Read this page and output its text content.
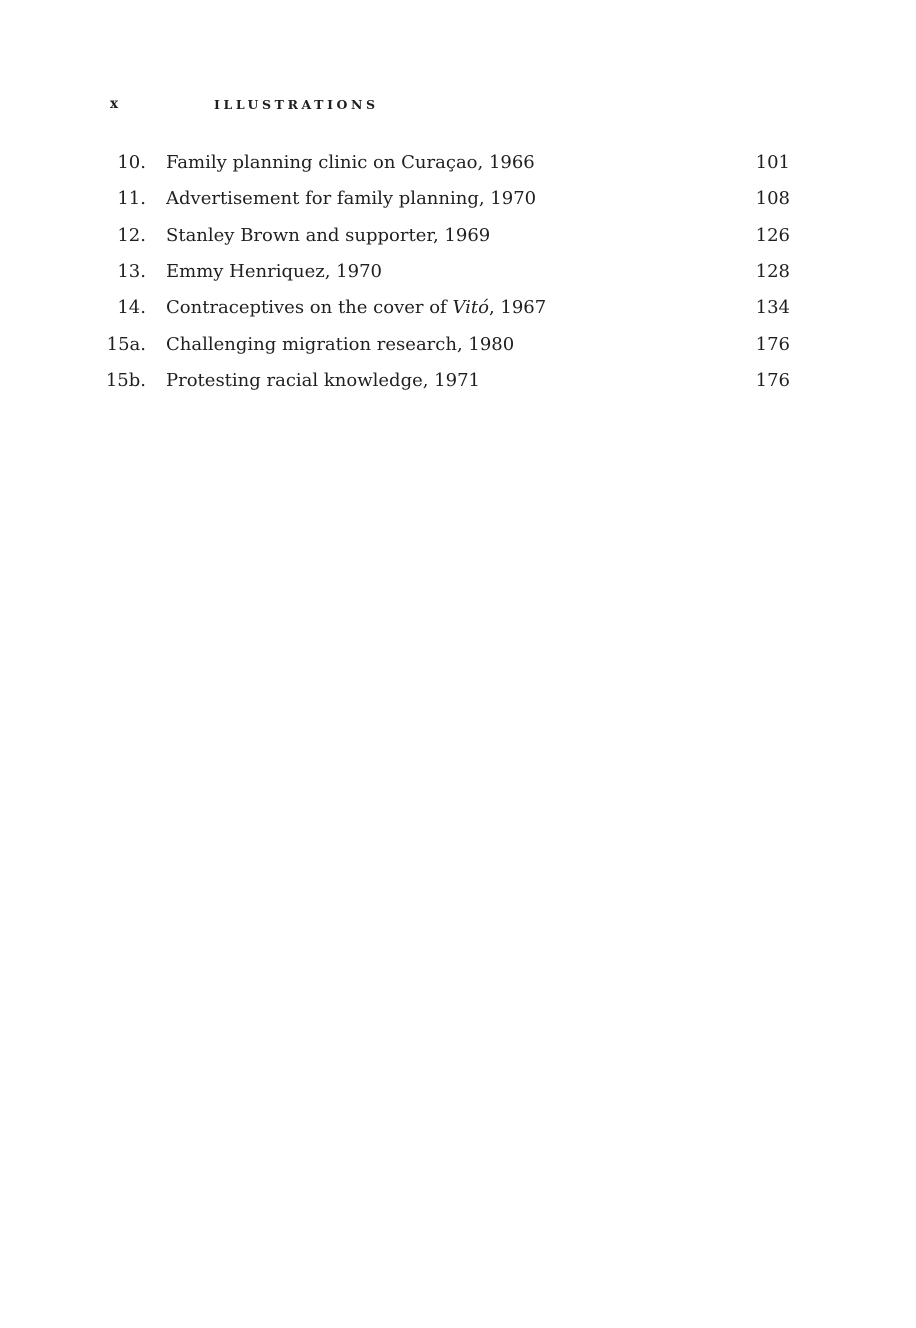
x	ILLUSTRATIONS
10. Family planning clinic on Curaçao, 1966	101
11. Advertisement for family planning, 1970	108
12. Stanley Brown and supporter, 1969	126
13. Emmy Henriquez, 1970	128
14. Contraceptives on the cover of Vitó, 1967	134
15a. Challenging migration research, 1980	176
15b. Protesting racial knowledge, 1971	176
